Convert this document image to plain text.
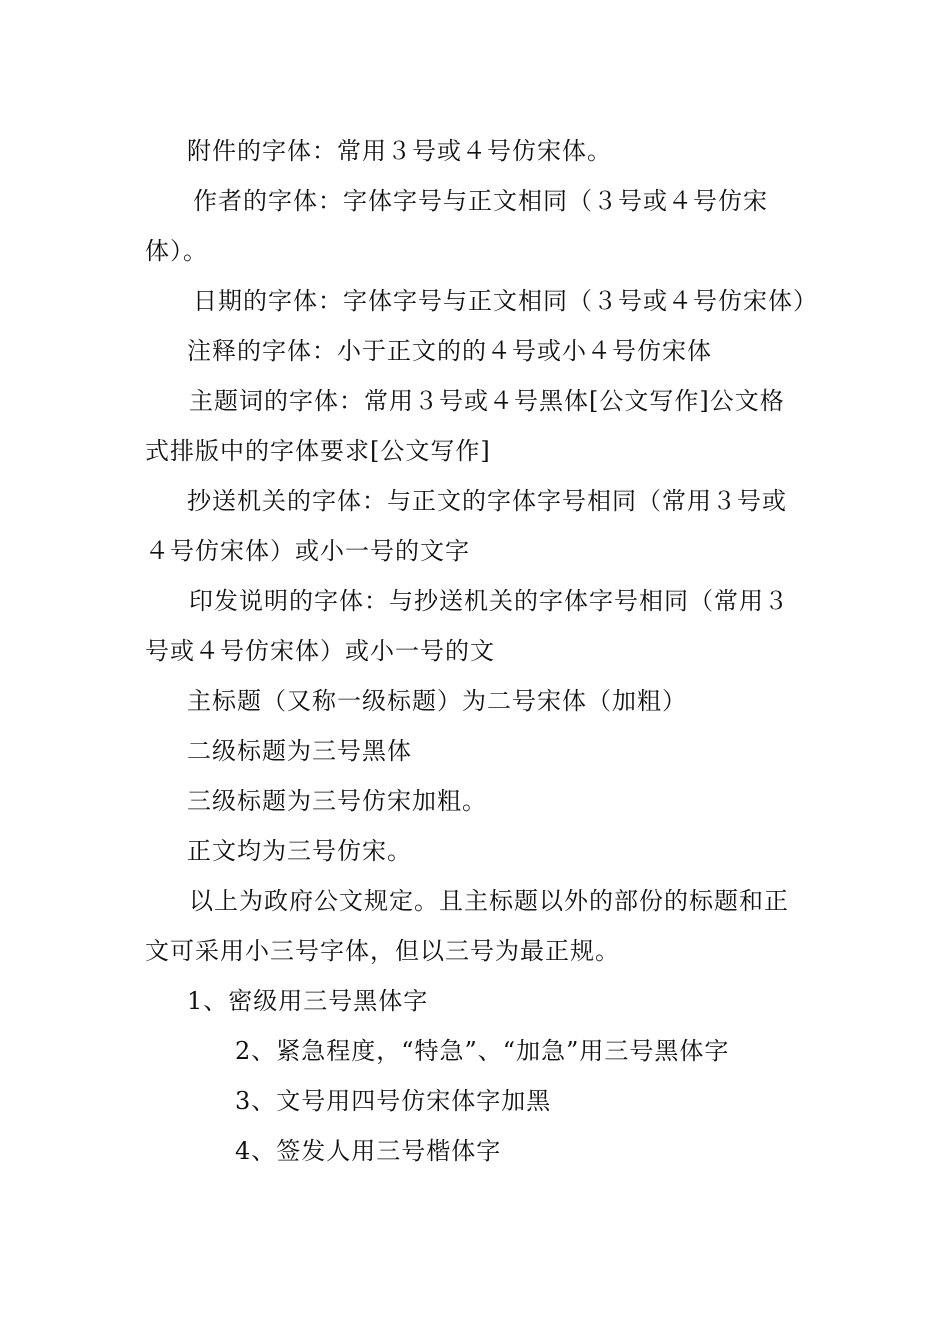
附件的字体：常用３号或４号仿宋体。

作者的字体：字体字号与正文相同（３号或４号仿宋体）。

日期的字体：字体字号与正文相同（３号或４号仿宋体）

注释的字体：小于正文的的４号或小４号仿宋体

主题词的字体：常用３号或４号黑体[公文写作]公文格式排版中的字体要求[公文写作]

抄送机关的字体：与正文的字体字号相同（常用３号或４号仿宋体）或小一号的文字

印发说明的字体：与抄送机关的字体字号相同（常用３号或４号仿宋体）或小一号的文

主标题（又称一级标题）为二号宋体（加粗）

二级标题为三号黑体

三级标题为三号仿宋加粗。

正文均为三号仿宋。

以上为政府公文规定。且主标题以外的部份的标题和正文可采用小三号字体，但以三号为最正规。

1、密级用三号黑体字

2、紧急程度，“特急”、“加急”用三号黑体字

3、文号用四号仿宋体字加黑

4、签发人用三号楷体字
